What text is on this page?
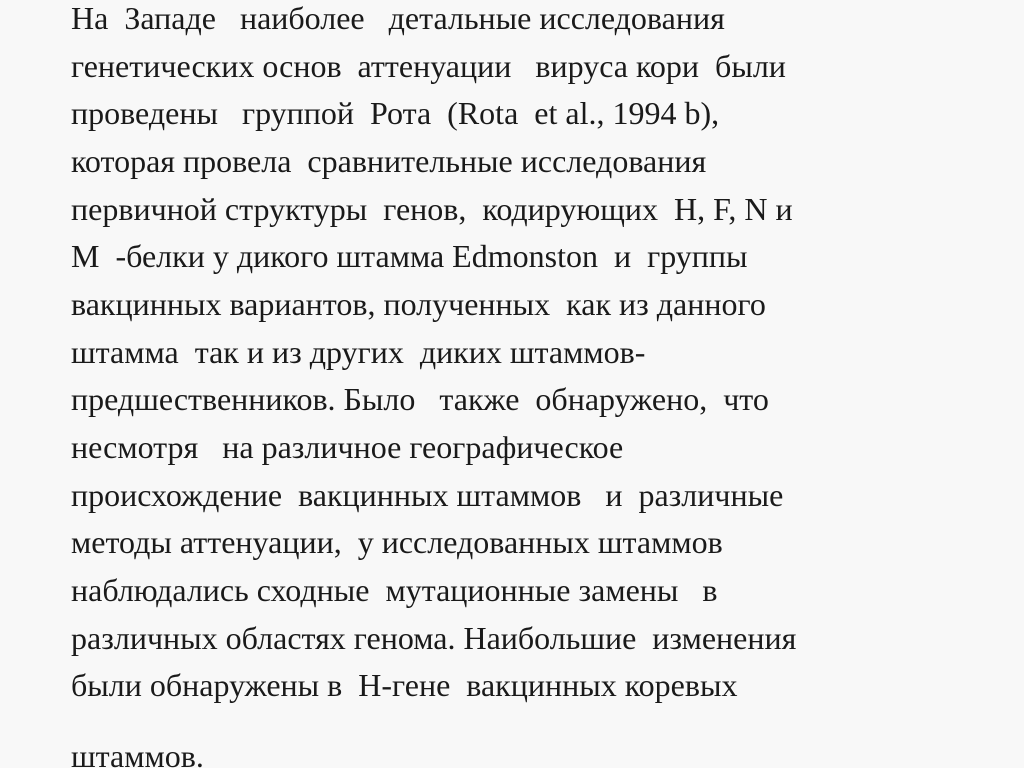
На  Западе   наиболее   детальные исследования
генетических основ  аттенуации   вируса кори  были
проведены   группой  Рота  (Rota  et al., 1994 b),
которая провела  сравнительные исследования
первичной структуры  генов,  кодирующих  H, F, N и
M  -белки у дикого штамма Edmonston  и  группы
вакцинных вариантов, полученных  как из данного
штамма  так и из других  диких штаммов-
предшественников. Было   также  обнаружено,  что
несмотря   на различное географическое
происхождение  вакцинных штаммов   и  различные
методы аттенуации,  у исследованных штаммов
наблюдались сходные  мутационные замены   в
различных областях генома. Наибольшие  изменения
были обнаружены в  Н-гене  вакцинных коревых
штаммов.
